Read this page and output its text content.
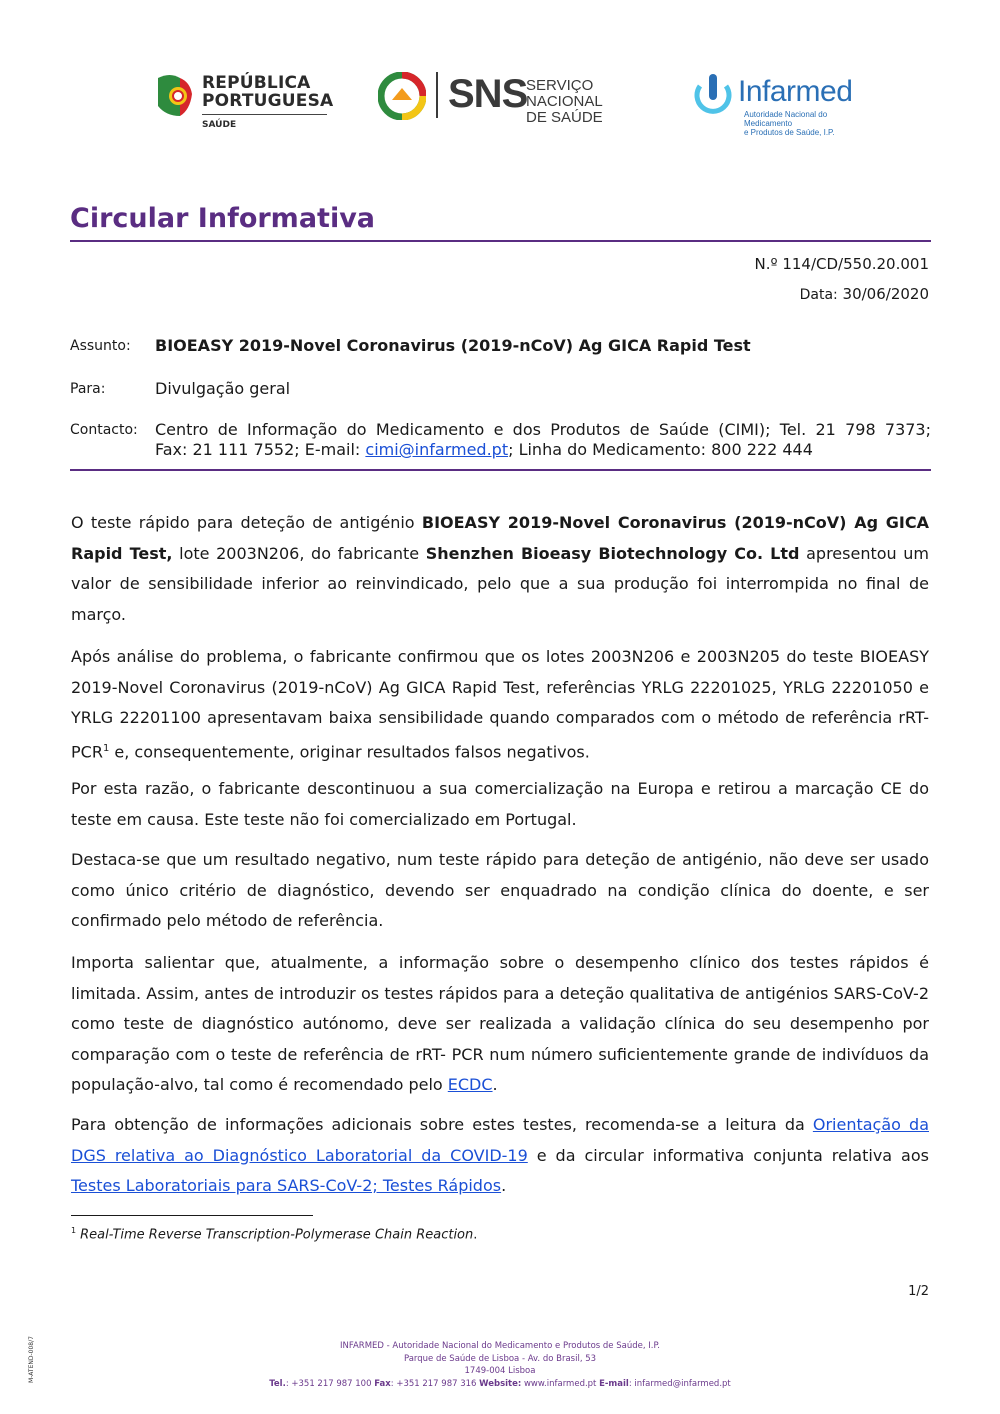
REPÚBLICA
PORTUGUESA
SAÚDE
SNS
SERVIÇO NACIONAL
DE SAÚDE
Infarmed
Autoridade Nacional do Medicamento
e Produtos de Saúde, I.P.
Circular Informativa
N.º 114/CD/550.20.001
Data: 30/06/2020
Assunto: BIOEASY 2019-Novel Coronavirus (2019-nCoV) Ag GICA Rapid Test
Para:	Divulgação geral
Contacto: Centro de Informação do Medicamento e dos Produtos de Saúde (CIMI); Tel. 21 798 7373;
Fax: 21 111 7552; E-mail: cimi@infarmed.pt; Linha do Medicamento: 800 222 444

O teste rápido para deteção de antigénio BIOEASY 2019-Novel Coronavirus (2019-nCoV) Ag GICA Rapid Test, lote 2003N206, do fabricante Shenzhen Bioeasy Biotechnology Co. Ltd apresentou um valor de sensibilidade inferior ao reinvindicado, pelo que a sua produção foi interrompida no final de março.

Após análise do problema, o fabricante confirmou que os lotes 2003N206 e 2003N205 do teste BIOEASY 2019-Novel Coronavirus (2019-nCoV) Ag GICA Rapid Test, referências YRLG 22201025, YRLG 22201050 e YRLG 22201100 apresentavam baixa sensibilidade quando comparados com o método de referência rRT-PCR$^1$ e, consequentemente, originar resultados falsos negativos.

Por esta razão, o fabricante descontinuou a sua comercialização na Europa e retirou a marcação CE do teste em causa. Este teste não foi comercializado em Portugal.

Destaca-se que um resultado negativo, num teste rápido para deteção de antigénio, não deve ser usado como único critério de diagnóstico, devendo ser enquadrado na condição clínica do doente, e ser confirmado pelo método de referência.

Importa salientar que, atualmente, a informação sobre o desempenho clínico dos testes rápidos é limitada. Assim, antes de introduzir os testes rápidos para a deteção qualitativa de antigénios SARS-CoV-2 como teste de diagnóstico autónomo, deve ser realizada a validação clínica do seu desempenho por comparação com o teste de referência de rRT- PCR num número suficientemente grande de indivíduos da população-alvo, tal como é recomendado pelo ECDC.

Para obtenção de informações adicionais sobre estes testes, recomenda-se a leitura da Orientação da DGS relativa ao Diagnóstico Laboratorial da COVID-19 e da circular informativa conjunta relativa aos Testes Laboratoriais para SARS-CoV-2; Testes Rápidos.

$^1$ Real-Time Reverse Transcription-Polymerase Chain Reaction.
1/2
M-ATEND-008/7	INFARMED - Autoridade Nacional do Medicamento e Produtos de Saúde, I.P.
Parque de Saúde de Lisboa - Av. do Brasil, 53
1749-004 Lisboa
Tel.: +351 217 987 100 Fax: +351 217 987 316 Website: www.infarmed.pt E-mail: infarmed@infarmed.pt
